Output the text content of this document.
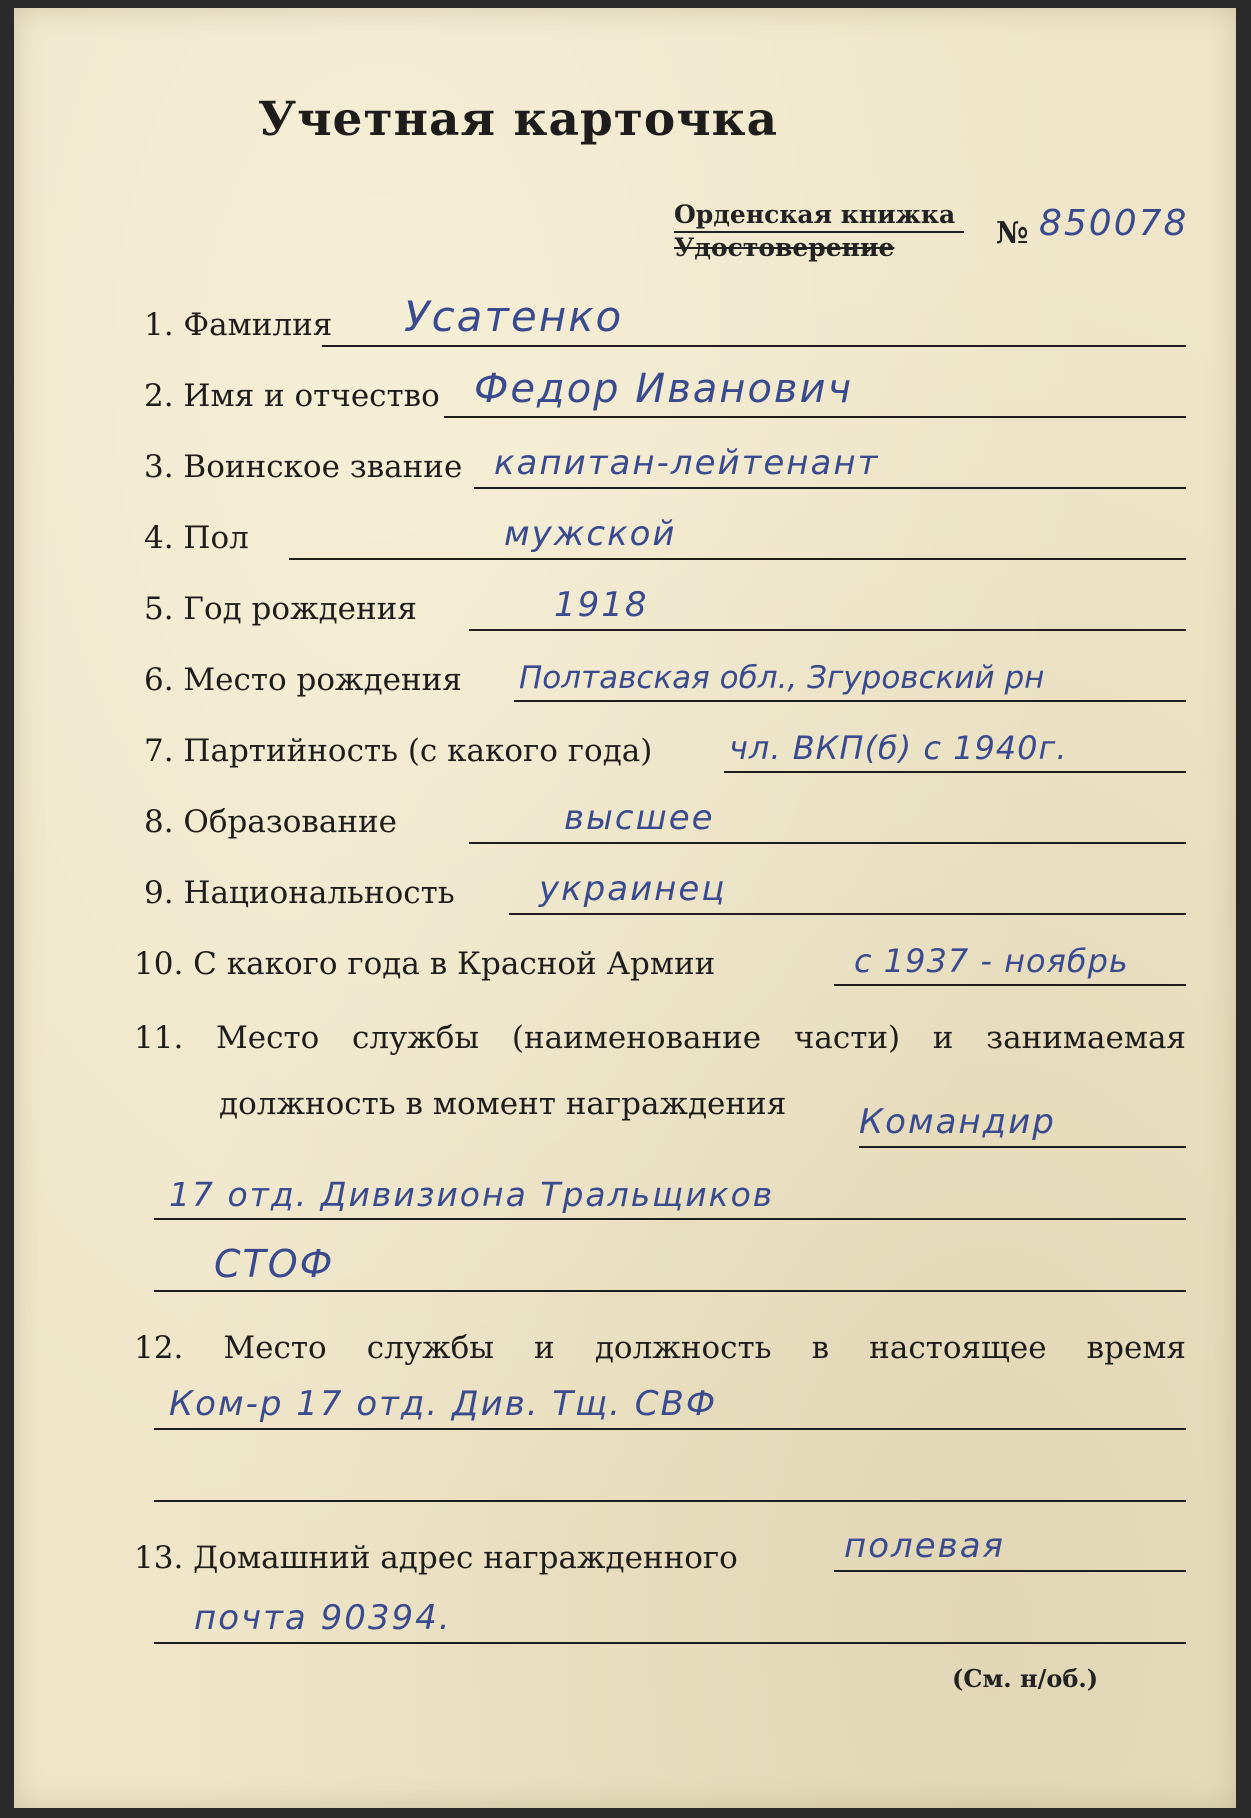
Учетная карточка
Орденская книжка
Удостоверение	№ 850078
1. Фамилия Усатенко
2. Имя и отчество Федор Иванович
3. Воинское звание капитан-лейтенант
4. Пол	мужской
5. Год рождения	1918
6. Место рождения Полтавская обл., Згуровский рн
7. Партийность (с какого года) чл. ВКП(б) с 1940г.
8. Образование	высшее
9. Национальность украинец
10. С какого года в Красной Армии	с 1937 - ноябрь
11. Место службы (наименование части) и занимаемая
должность в момент награждения Командир
17 отд. Дивизиона Тральщиков
СТОФ
12. Место службы и должность в настоящее время
Ком-р 17 отд. Див. Тщ. СВФ
13. Домашний адрес награжденного	полевая
почта 90394.
(См. н/об.)
